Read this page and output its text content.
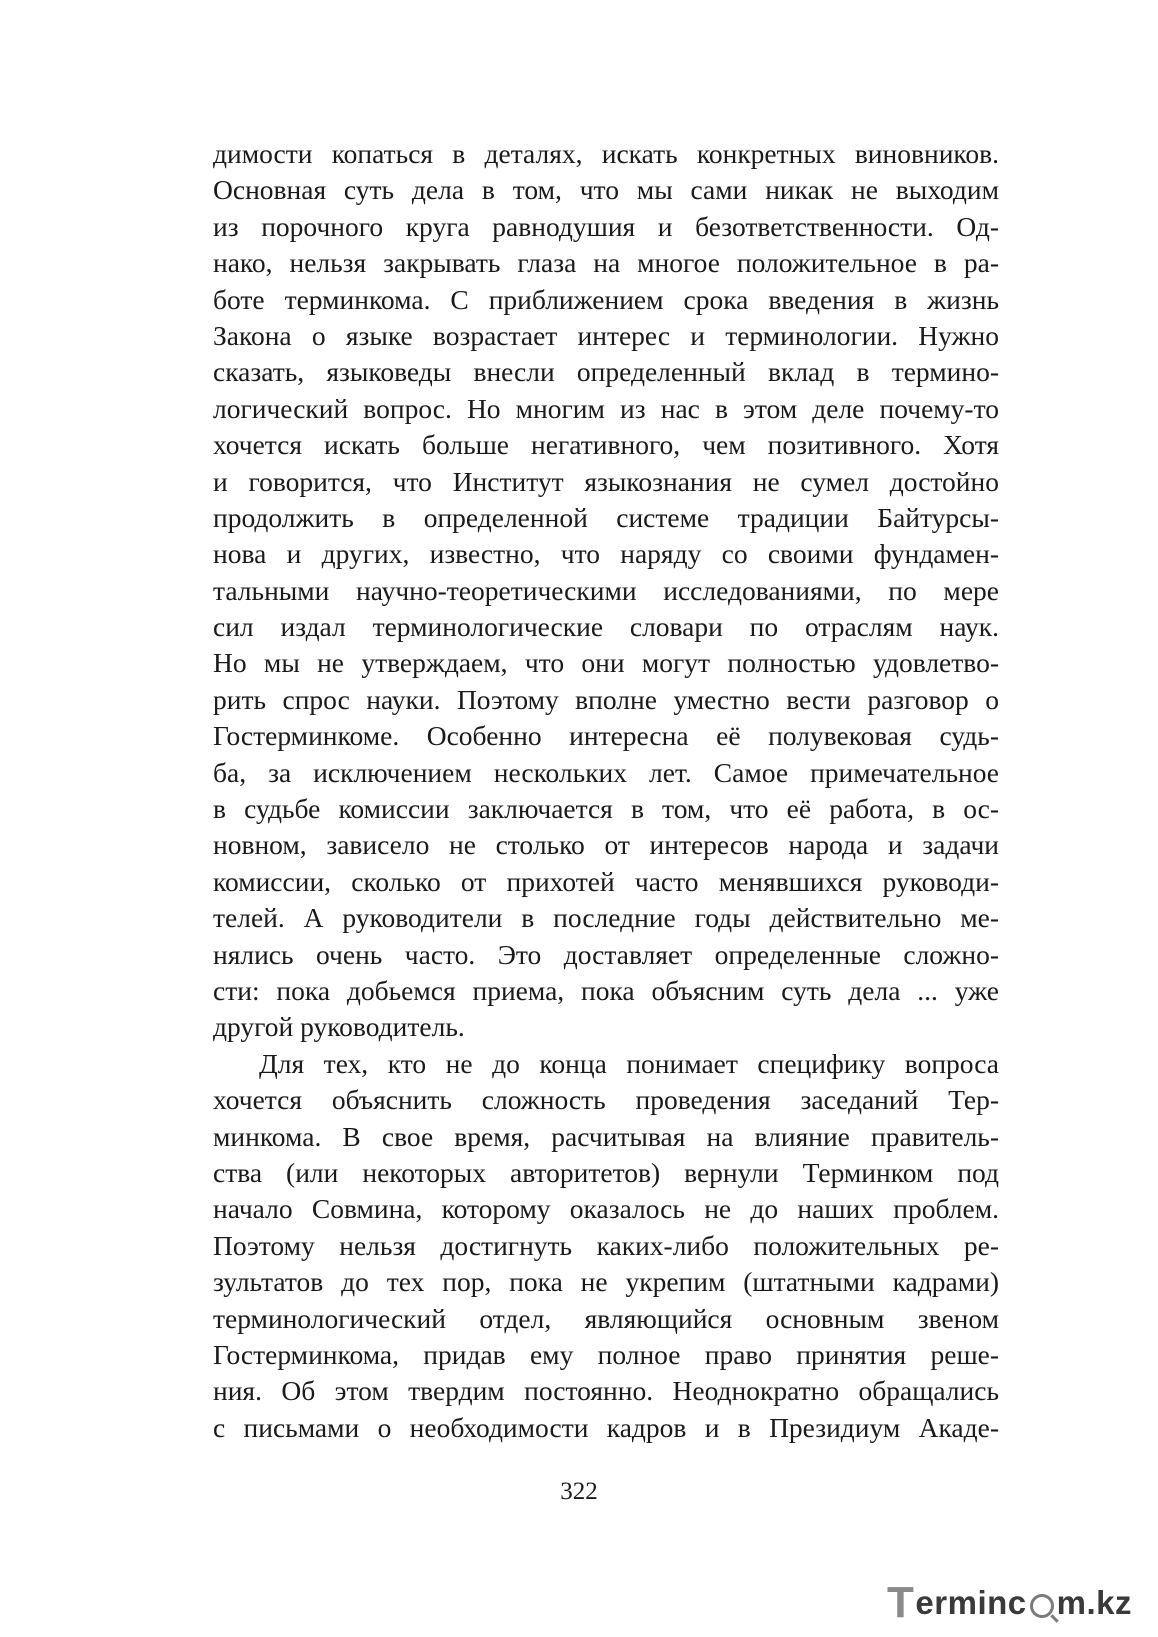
димости копаться в деталях, искать конкретных виновников.
Основная суть дела в том, что мы сами никак не выходим
из порочного круга равнодушия и безответственности. Од-
нако, нельзя закрывать глаза на многое положительное в ра-
боте терминкома. С приближением срока введения в жизнь
Закона о языке возрастает интерес и терминологии. Нужно
сказать, языковеды внесли определенный вклад в термино-
логический вопрос. Но многим из нас в этом деле почему-то
хочется искать больше негативного, чем позитивного. Хотя
и говорится, что Институт языкознания не сумел достойно
продолжить в определенной системе традиции Байтурсы-
нова и других, известно, что наряду со своими фундамен-
тальными научно-теоретическими исследованиями, по мере
сил издал терминологические словари по отраслям наук.
Но мы не утверждаем, что они могут полностью удовлетво-
рить спрос науки. Поэтому вполне уместно вести разговор о
Гостерминкоме. Особенно интересна её полувековая судь-
ба, за исключением нескольких лет. Самое примечательное
в судьбе комиссии заключается в том, что её работа, в ос-
новном, зависело не столько от интересов народа и задачи
комиссии, сколько от прихотей часто менявшихся руководи-
телей. А руководители в последние годы действительно ме-
нялись очень часто. Это доставляет определенные сложно-
сти: пока добьемся приема, пока объясним суть дела ... уже
другой руководитель.
Для тех, кто не до конца понимает специфику вопроса
хочется объяснить сложность проведения заседаний Тер-
минкома. В свое время, расчитывая на влияние правитель-
ства (или некоторых авторитетов) вернули Терминком под
начало Совмина, которому оказалось не до наших проблем.
Поэтому нельзя достигнуть каких-либо положительных ре-
зультатов до тех пор, пока не укрепим (штатными кадрами)
терминологический отдел, являющийся основным звеном
Гостерминкома, придав ему полное право принятия реше-
ния. Об этом твердим постоянно. Неоднократно обращались
с письмами о необходимости кадров и в Президиум Акаде-
322
T erminc m.kz
